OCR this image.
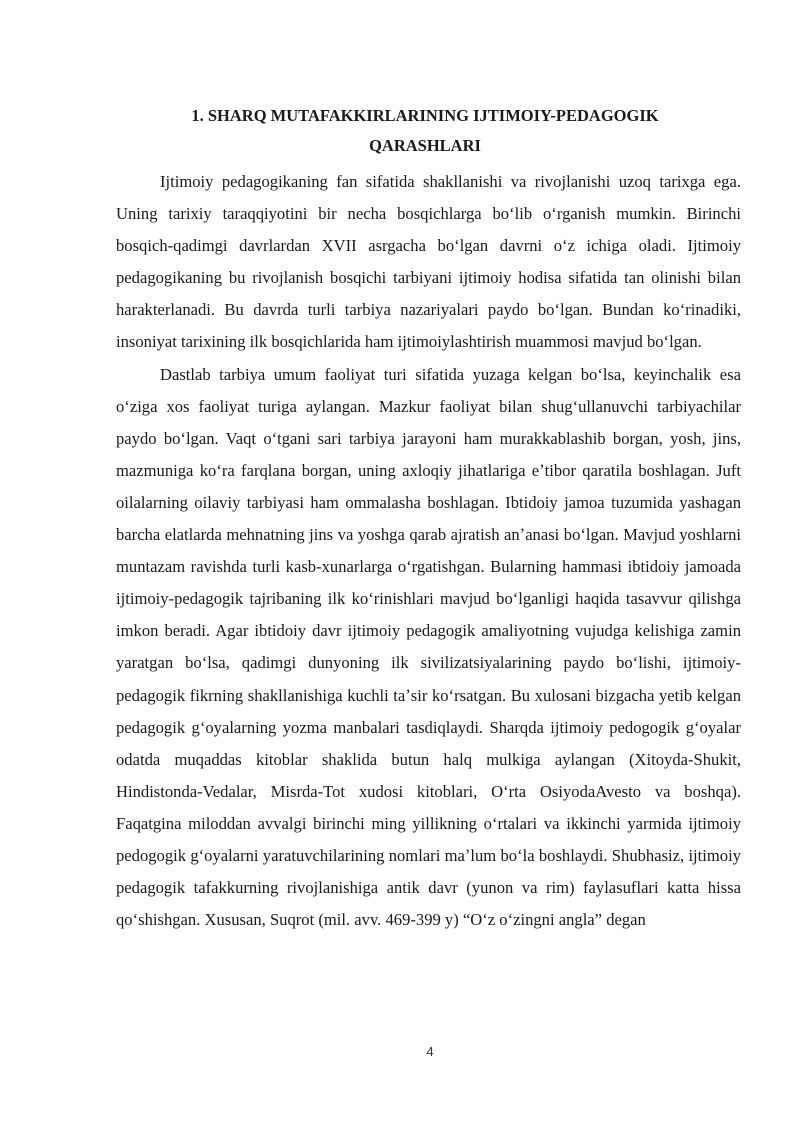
1. SHARQ MUTAFAKKIRLARINING IJTIMOIY-PEDAGOGIK
QARASHLARI

Ijtimoiy pedagogikaning fan sifatida shakllanishi va rivojlanishi uzoq tarixga ega. Uning tarixiy taraqqiyotini bir necha bosqichlarga boʻlib oʻrganish mumkin. Birinchi bosqich-qadimgi davrlardan XVII asrgacha boʻlgan davrni oʻz ichiga oladi. Ijtimoiy pedagogikaning bu rivojlanish bosqichi tarbiyani ijtimoiy hodisa sifatida tan olinishi bilan harakterlanadi. Bu davrda turli tarbiya nazariyalari paydo boʻlgan. Bundan koʻrinadiki, insoniyat tarixining ilk bosqichlarida ham ijtimoiylashtirish muammosi mavjud boʻlgan.

Dastlab tarbiya umum faoliyat turi sifatida yuzaga kelgan boʻlsa, keyinchalik esa oʻziga xos faoliyat turiga aylangan. Mazkur faoliyat bilan shugʻullanuvchi tarbiyachilar paydo boʻlgan. Vaqt oʻtgani sari tarbiya jarayoni ham murakkablashib borgan, yosh, jins, mazmuniga koʻra farqlana borgan, uning axloqiy jihatlariga eʼtibor qaratila boshlagan. Juft oilalarning oilaviy tarbiyasi ham ommalasha boshlagan. Ibtidoiy jamoa tuzumida yashagan barcha elatlarda mehnatning jins va yoshga qarab ajratish anʼanasi boʻlgan. Mavjud yoshlarni muntazam ravishda turli kasb-xunarlarga oʻrgatishgan. Bularning hammasi ibtidoiy jamoada ijtimoiy-pedagogik tajribaning ilk koʻrinishlari mavjud boʻlganligi haqida tasavvur qilishga imkon beradi. Agar ibtidoiy davr ijtimoiy pedagogik amaliyotning vujudga kelishiga zamin yaratgan boʻlsa, qadimgi dunyoning ilk sivilizatsiyalarining paydo boʻlishi, ijtimoiy-pedagogik fikrning shakllanishiga kuchli taʼsir koʻrsatgan. Bu xulosani bizgacha yetib kelgan pedagogik gʻoyalarning yozma manbalari tasdiqlaydi. Sharqda ijtimoiy pedogogik gʻoyalar odatda muqaddas kitoblar shaklida butun halq mulkiga aylangan (Xitoyda-Shukit, Hindistonda-Vedalar, Misrda-Tot xudosi kitoblari, Oʻrta OsiyodaAvesto va boshqa). Faqatgina miloddan avvalgi birinchi ming yillikning oʻrtalari va ikkinchi yarmida ijtimoiy pedogogik gʻoyalarni yaratuvchilarining nomlari maʼlum boʻla boshlaydi. Shubhasiz, ijtimoiy pedagogik tafakkurning rivojlanishiga antik davr (yunon va rim) faylasuflari katta hissa qoʻshishgan. Xususan, Suqrot (mil. avv. 469-399 y) “Oʻz oʻzingni angla” degan

4
